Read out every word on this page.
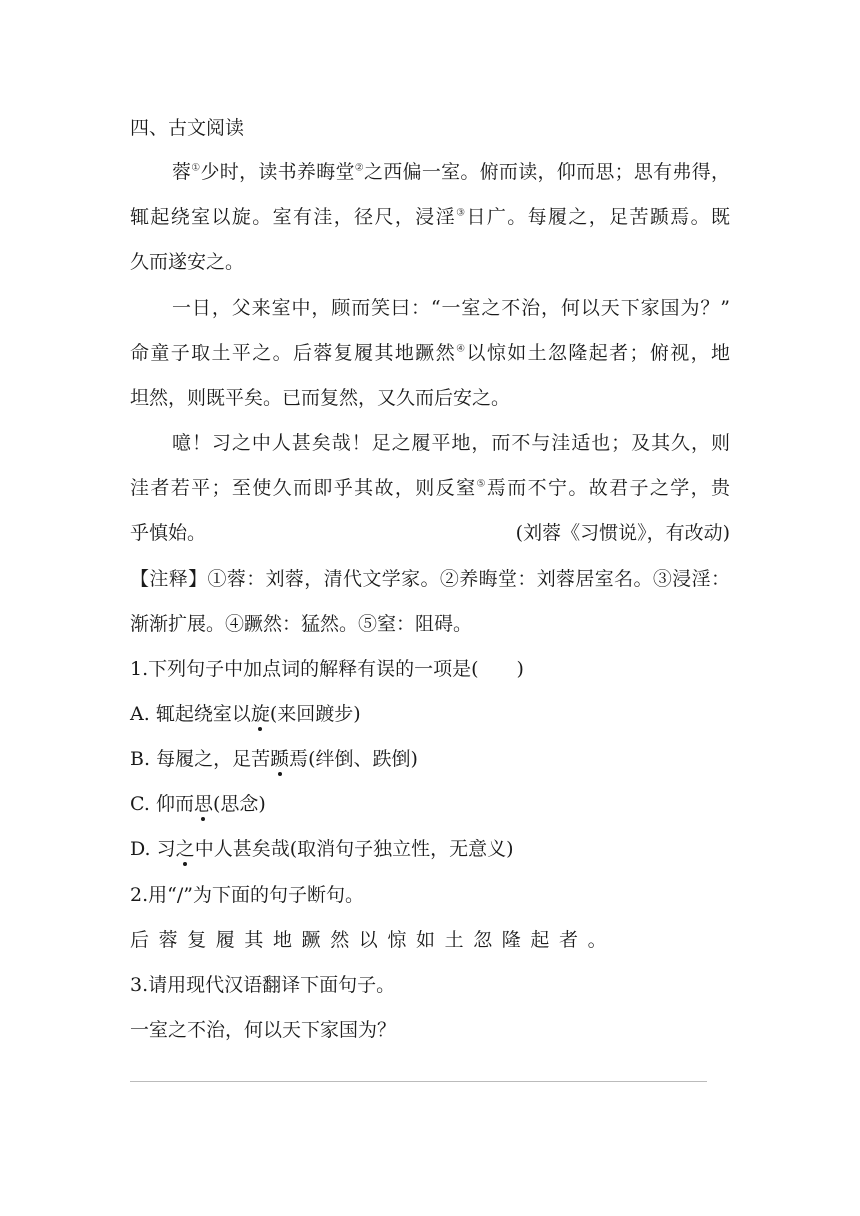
四、古文阅读
蓉①少时，读书养晦堂②之西偏一室。俯而读，仰而思；思有弗得，
辄起绕室以旋。室有洼，径尺，浸淫③日广。每履之，足苦踬焉。既
久而遂安之。
一日，父来室中，顾而笑曰：“一室之不治，何以天下家国为？”
命童子取土平之。后蓉复履其地蹶然④以惊如土忽隆起者；俯视，地
坦然，则既平矣。已而复然，又久而后安之。
噫！习之中人甚矣哉！足之履平地，而不与洼适也；及其久，则
洼者若平；至使久而即乎其故，则反窒⑤焉而不宁。故君子之学，贵
乎慎始。	(刘蓉《习惯说》，有改动)
【注释】①蓉：刘蓉，清代文学家。②养晦堂：刘蓉居室名。③浸淫：
渐渐扩展。④蹶然：猛然。⑤窒：阻碍。
1.下列句子中加点词的解释有误的一项是(　　)
A. 辄起绕室以旋(来回踱步)
B. 每履之，足苦踬焉(绊倒、跌倒)
C. 仰而思(思念)
D. 习之中人甚矣哉(取消句子独立性，无意义)
2.用“/”为下面的句子断句。
后蓉复履其地蹶然以惊如土忽隆起者。
3.请用现代汉语翻译下面句子。
一室之不治，何以天下家国为？
